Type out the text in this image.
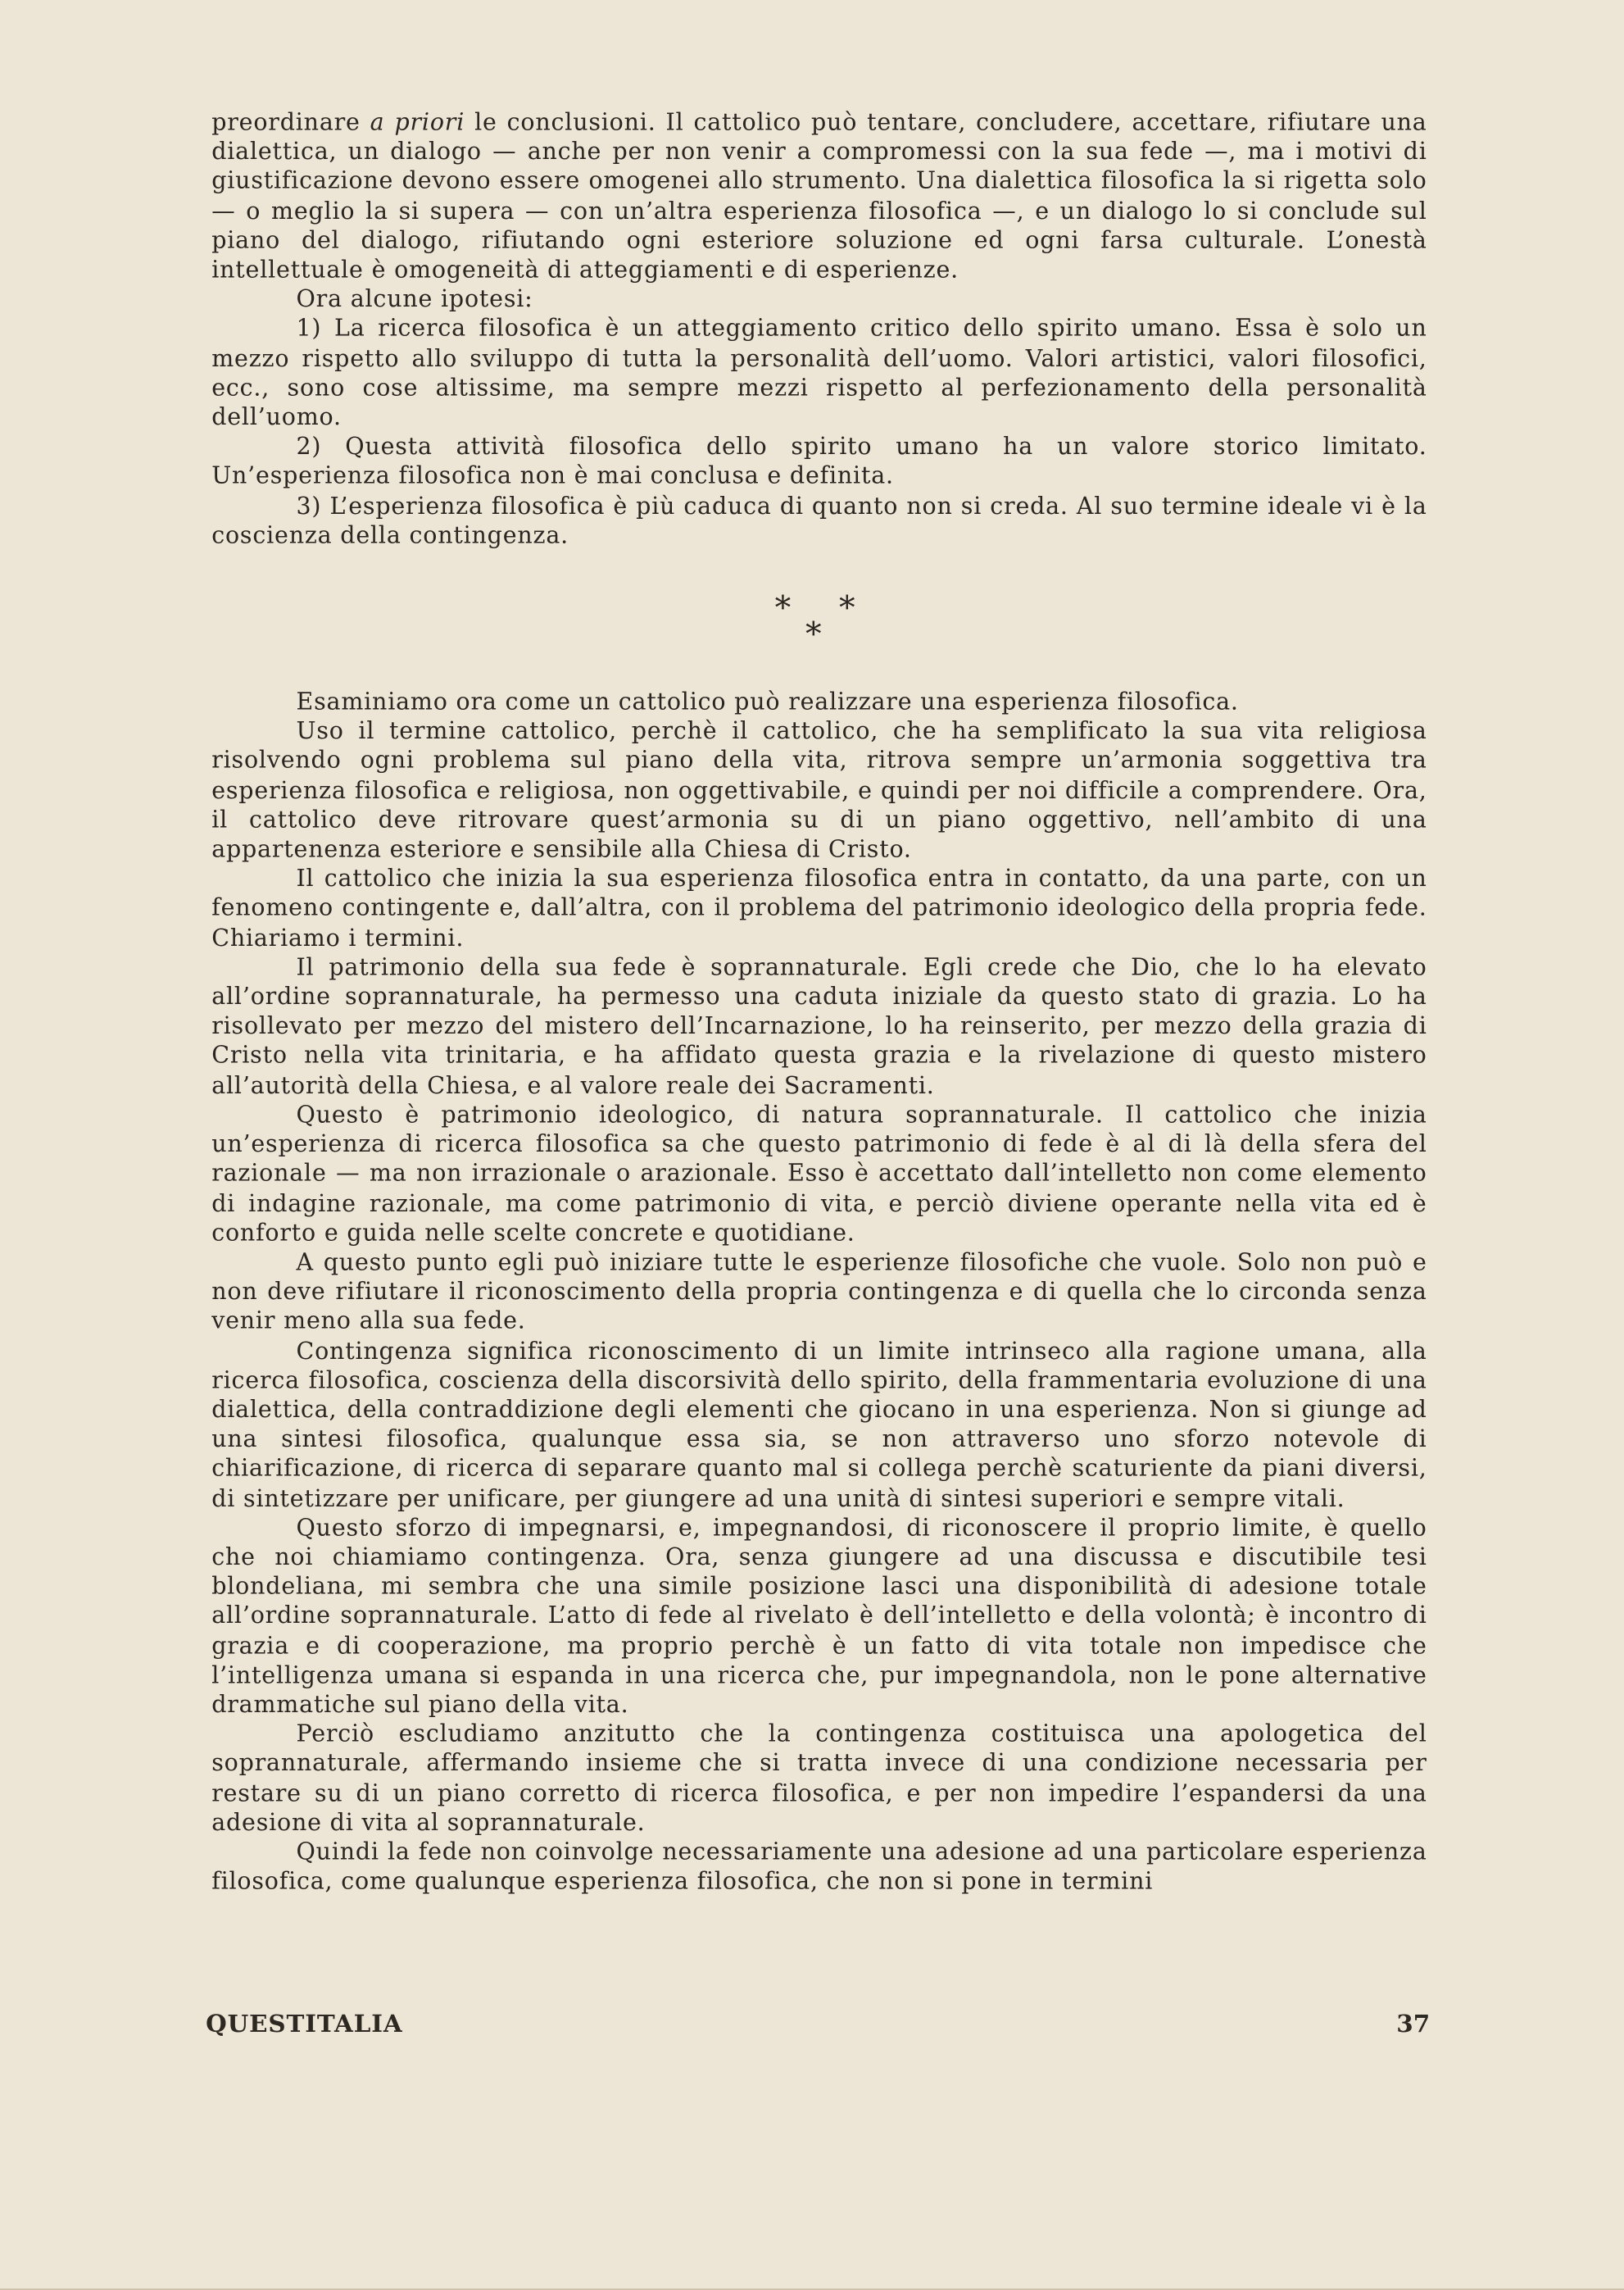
preordinare a priori le conclusioni. Il cattolico può tentare, concludere, accettare, rifiutare una dialettica, un dialogo — anche per non venir a compromessi con la sua fede —, ma i motivi di giustificazione devono essere omogenei allo strumento. Una dialettica filosofica la si rigetta solo — o meglio la si supera — con un’altra esperienza filosofica —, e un dialogo lo si conclude sul piano del dialogo, rifiutando ogni esteriore soluzione ed ogni farsa culturale. L’onestà intellettuale è omogeneità di atteggiamenti e di esperienze.

Ora alcune ipotesi:

1) La ricerca filosofica è un atteggiamento critico dello spirito umano. Essa è solo un mezzo rispetto allo sviluppo di tutta la personalità dell’uomo. Valori artistici, valori filosofici, ecc., sono cose altissime, ma sempre mezzi rispetto al perfezionamento della personalità dell’uomo.

2) Questa attività filosofica dello spirito umano ha un valore storico limitato. Un’esperienza filosofica non è mai conclusa e definita.

3) L’esperienza filosofica è più caduca di quanto non si creda. Al suo termine ideale vi è la coscienza della contingenza.

*	*
*

Esaminiamo ora come un cattolico può realizzare una esperienza filosofica.

Uso il termine cattolico, perchè il cattolico, che ha semplificato la sua vita religiosa risolvendo ogni problema sul piano della vita, ritrova sempre un’armonia soggettiva tra esperienza filosofica e religiosa, non oggettivabile, e quindi per noi difficile a comprendere. Ora, il cattolico deve ritrovare quest’armonia su di un piano oggettivo, nell’ambito di una appartenenza esteriore e sensibile alla Chiesa di Cristo.

Il cattolico che inizia la sua esperienza filosofica entra in contatto, da una parte, con un fenomeno contingente e, dall’altra, con il problema del patrimonio ideologico della propria fede. Chiariamo i termini.

Il patrimonio della sua fede è soprannaturale. Egli crede che Dio, che lo ha elevato all’ordine soprannaturale, ha permesso una caduta iniziale da questo stato di grazia. Lo ha risollevato per mezzo del mistero dell’Incarnazione, lo ha reinserito, per mezzo della grazia di Cristo nella vita trinitaria, e ha affidato questa grazia e la rivelazione di questo mistero all’autorità della Chiesa, e al valore reale dei Sacramenti.

Questo è patrimonio ideologico, di natura soprannaturale. Il cattolico che inizia un’esperienza di ricerca filosofica sa che questo patrimonio di fede è al di là della sfera del razionale — ma non irrazionale o arazionale. Esso è accettato dall’intelletto non come elemento di indagine razionale, ma come patrimonio di vita, e perciò diviene operante nella vita ed è conforto e guida nelle scelte concrete e quotidiane.

A questo punto egli può iniziare tutte le esperienze filosofiche che vuole. Solo non può e non deve rifiutare il riconoscimento della propria contingenza e di quella che lo circonda senza venir meno alla sua fede.

Contingenza significa riconoscimento di un limite intrinseco alla ragione umana, alla ricerca filosofica, coscienza della discorsività dello spirito, della frammentaria evoluzione di una dialettica, della contraddizione degli elementi che giocano in una esperienza. Non si giunge ad una sintesi filosofica, qualunque essa sia, se non attraverso uno sforzo notevole di chiarificazione, di ricerca di separare quanto mal si collega perchè scaturiente da piani diversi, di sintetizzare per unificare, per giungere ad una unità di sintesi superiori e sempre vitali.

Questo sforzo di impegnarsi, e, impegnandosi, di riconoscere il proprio limite, è quello che noi chiamiamo contingenza. Ora, senza giungere ad una discussa e discutibile tesi blondeliana, mi sembra che una simile posizione lasci una disponibilità di adesione totale all’ordine soprannaturale. L’atto di fede al rivelato è dell’intelletto e della volontà; è incontro di grazia e di cooperazione, ma proprio perchè è un fatto di vita totale non impedisce che l’intelligenza umana si espanda in una ricerca che, pur impegnandola, non le pone alternative drammatiche sul piano della vita.

Perciò escludiamo anzitutto che la contingenza costituisca una apologetica del soprannaturale, affermando insieme che si tratta invece di una condizione necessaria per restare su di un piano corretto di ricerca filosofica, e per non impedire l’espandersi da una adesione di vita al soprannaturale.

Quindi la fede non coinvolge necessariamente una adesione ad una particolare esperienza filosofica, come qualunque esperienza filosofica, che non si pone in termini

QUESTITALIA	37
